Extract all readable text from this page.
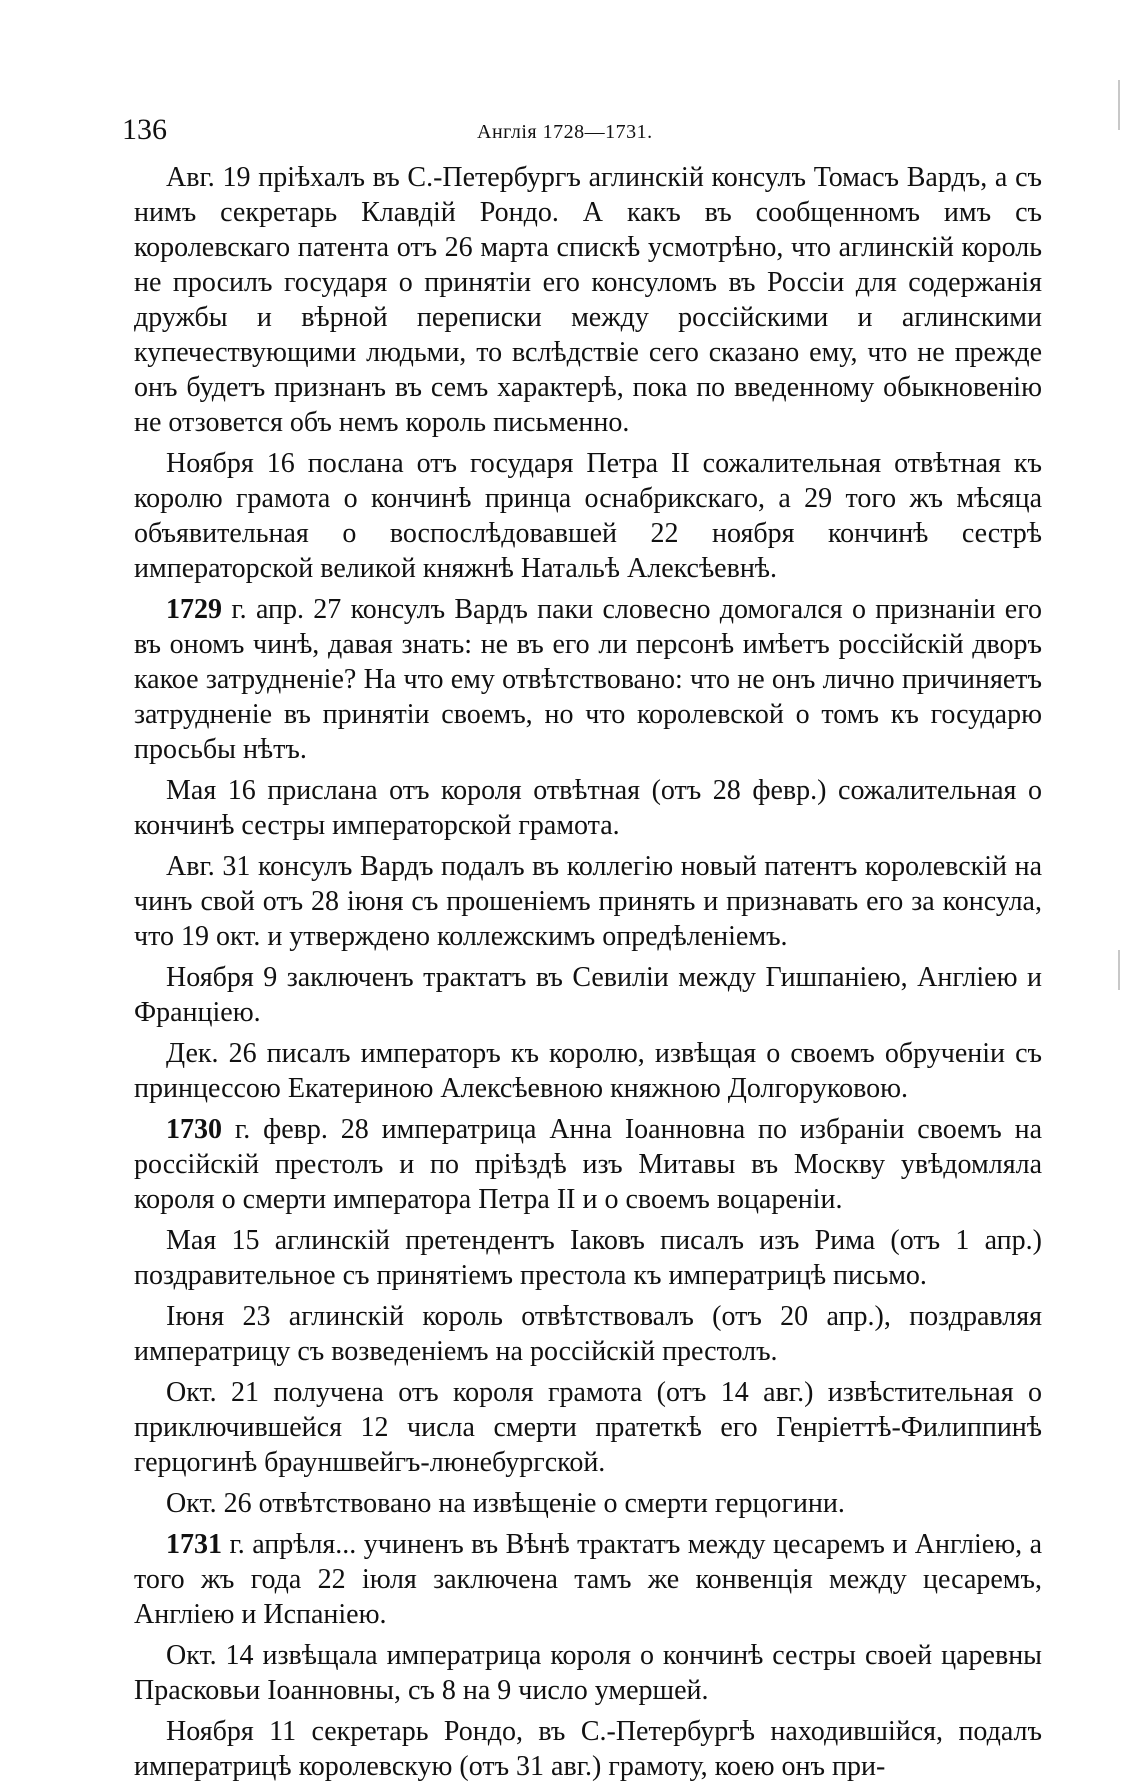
136	Англія 1728—1731.

Авг. 19 пріѣхалъ въ С.-Петербургъ аглинскій консулъ Томасъ Вардъ, а съ нимъ секретарь Клавдій Рондо. А какъ въ сообщенномъ имъ съ королевскаго патента отъ 26 марта спискѣ усмотрѣно, что аглинскій король не просилъ государя о принятіи его консуломъ въ Россіи для содержанія дружбы и вѣрной переписки между россійскими и аглинскими купечествующими людьми, то вслѣдствіе сего сказано ему, что не прежде онъ будетъ признанъ въ семъ характерѣ, пока по введенному обыкновенію не отзовется объ немъ король письменно.

Ноября 16 послана отъ государя Петра II сожалительная отвѣтная къ королю грамота о кончинѣ принца оснабрикскаго, а 29 того жъ мѣсяца объявительная о воспослѣдовавшей 22 ноября кончинѣ сестрѣ императорской великой княжнѣ Натальѣ Алексѣевнѣ.

1729 г. апр. 27 консулъ Вардъ паки словесно домогался о признаніи его въ ономъ чинѣ, давая знать: не въ его ли персонѣ имѣетъ россійскій дворъ какое затрудненіе? На что ему отвѣтствовано: что не онъ лично причиняетъ затрудненіе въ принятіи своемъ, но что королевской о томъ къ государю просьбы нѣтъ.

Мая 16 прислана отъ короля отвѣтная (отъ 28 февр.) сожалительная о кончинѣ сестры императорской грамота.

Авг. 31 консулъ Вардъ подалъ въ коллегію новый патентъ королевскій на чинъ свой отъ 28 іюня съ прошеніемъ принять и признавать его за консула, что 19 окт. и утверждено коллежскимъ опредѣленіемъ.

Ноября 9 заключенъ трактатъ въ Севиліи между Гишпаніею, Англіею и Франціею.

Дек. 26 писалъ императоръ къ королю, извѣщая о своемъ обрученіи съ принцессою Екатериною Алексѣевною княжною Долгоруковою.

1730 г. февр. 28 императрица Анна Іоанновна по избраніи своемъ на россійскій престолъ и по пріѣздѣ изъ Митавы въ Москву увѣдомляла короля о смерти императора Петра II и о своемъ воцареніи.

Мая 15 аглинскій претендентъ Іаковъ писалъ изъ Рима (отъ 1 апр.) поздравительное съ принятіемъ престола къ императрицѣ письмо.

Іюня 23 аглинскій король отвѣтствовалъ (отъ 20 апр.), поздравляя императрицу съ возведеніемъ на россійскій престолъ.

Окт. 21 получена отъ короля грамота (отъ 14 авг.) извѣстительная о приключившейся 12 числа смерти пратеткѣ его Генріеттѣ-Филиппинѣ герцогинѣ брауншвейгъ-люнебургской.

Окт. 26 отвѣтствовано на извѣщеніе о смерти герцогини.

1731 г. апрѣля... учиненъ въ Вѣнѣ трактатъ между цесаремъ и Англіею, а того жъ года 22 іюля заключена тамъ же конвенція между цесаремъ, Англіею и Испаніею.

Окт. 14 извѣщала императрица короля о кончинѣ сестры своей царевны Прасковьи Іоанновны, съ 8 на 9 число умершей.

Ноября 11 секретарь Рондо, въ С.-Петербургѣ находившійся, подалъ императрицѣ королевскую (отъ 31 авг.) грамоту, коею онъ при-
